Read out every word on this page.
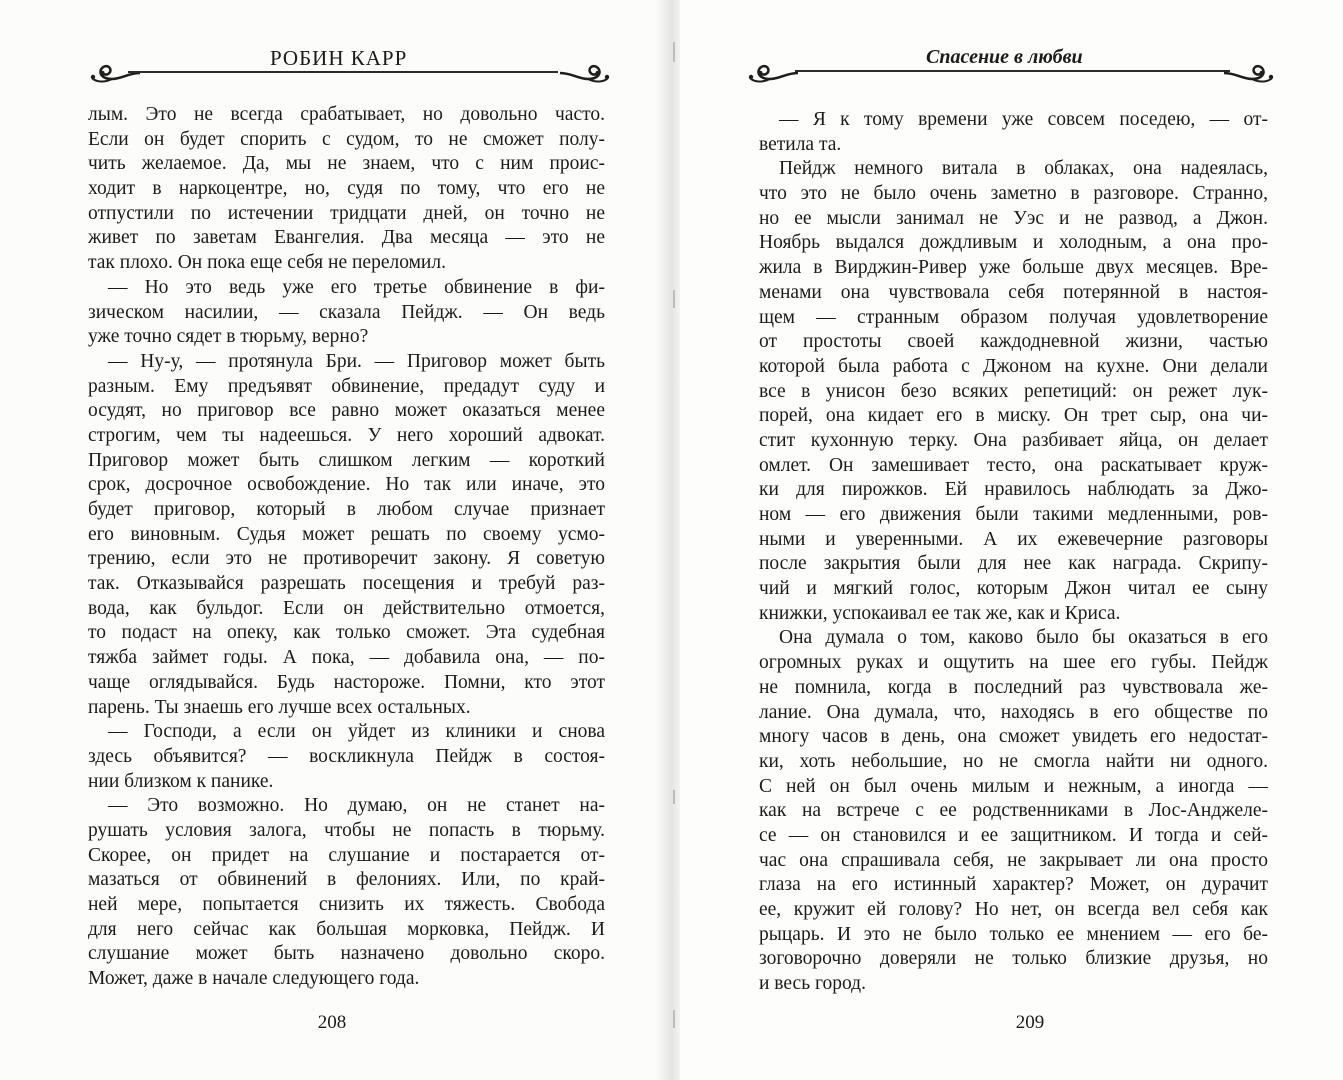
РОБИН КАРР
лым. Это не всегда срабатывает, но довольно часто.
Если он будет спорить с судом, то не сможет полу-
чить желаемое. Да, мы не знаем, что с ним проис-
ходит в наркоцентре, но, судя по тому, что его не
отпустили по истечении тридцати дней, он точно не
живет по заветам Евангелия. Два месяца — это не
так плохо. Он пока еще себя не переломил.
— Но это ведь уже его третье обвинение в фи-
зическом насилии, — сказала Пейдж. — Он ведь
уже точно сядет в тюрьму, верно?
— Ну-у, — протянула Бри. — Приговор может быть
разным. Ему предъявят обвинение, предадут суду и
осудят, но приговор все равно может оказаться менее
строгим, чем ты надеешься. У него хороший адвокат.
Приговор может быть слишком легким — короткий
срок, досрочное освобождение. Но так или иначе, это
будет приговор, который в любом случае признает
его виновным. Судья может решать по своему усмо-
трению, если это не противоречит закону. Я советую
так. Отказывайся разрешать посещения и требуй раз-
вода, как бульдог. Если он действительно отмоется,
то подаст на опеку, как только сможет. Эта судебная
тяжба займет годы. А пока, — добавила она, — по-
чаще оглядывайся. Будь настороже. Помни, кто этот
парень. Ты знаешь его лучше всех остальных.
— Господи, а если он уйдет из клиники и снова
здесь объявится? — воскликнула Пейдж в состоя-
нии близком к панике.
— Это возможно. Но думаю, он не станет на-
рушать условия залога, чтобы не попасть в тюрьму.
Скорее, он придет на слушание и постарается от-
мазаться от обвинений в фелониях. Или, по край-
ней мере, попытается снизить их тяжесть. Свобода
для него сейчас как большая морковка, Пейдж. И
слушание может быть назначено довольно скоро.
Может, даже в начале следующего года.
208
Спасение в любви
— Я к тому времени уже совсем поседею, — от-
ветила та.
Пейдж немного витала в облаках, она надеялась,
что это не было очень заметно в разговоре. Странно,
но ее мысли занимал не Уэс и не развод, а Джон.
Ноябрь выдался дождливым и холодным, а она про-
жила в Вирджин-Ривер уже больше двух месяцев. Вре-
менами она чувствовала себя потерянной в настоя-
щем — странным образом получая удовлетворение
от простоты своей каждодневной жизни, частью
которой была работа с Джоном на кухне. Они делали
все в унисон безо всяких репетиций: он режет лук-
порей, она кидает его в миску. Он трет сыр, она чи-
стит кухонную терку. Она разбивает яйца, он делает
омлет. Он замешивает тесто, она раскатывает круж-
ки для пирожков. Ей нравилось наблюдать за Джо-
ном — его движения были такими медленными, ров-
ными и уверенными. А их ежевечерние разговоры
после закрытия были для нее как награда. Скрипу-
чий и мягкий голос, которым Джон читал ее сыну
книжки, успокаивал ее так же, как и Криса.
Она думала о том, каково было бы оказаться в его
огромных руках и ощутить на шее его губы. Пейдж
не помнила, когда в последний раз чувствовала же-
лание. Она думала, что, находясь в его обществе по
многу часов в день, она сможет увидеть его недостат-
ки, хоть небольшие, но не смогла найти ни одного.
С ней он был очень милым и нежным, а иногда —
как на встрече с ее родственниками в Лос-Анджеле-
се — он становился и ее защитником. И тогда и сей-
час она спрашивала себя, не закрывает ли она просто
глаза на его истинный характер? Может, он дурачит
ее, кружит ей голову? Но нет, он всегда вел себя как
рыцарь. И это не было только ее мнением — его бе-
зоговорочно доверяли не только близкие друзья, но
и весь город.
209
